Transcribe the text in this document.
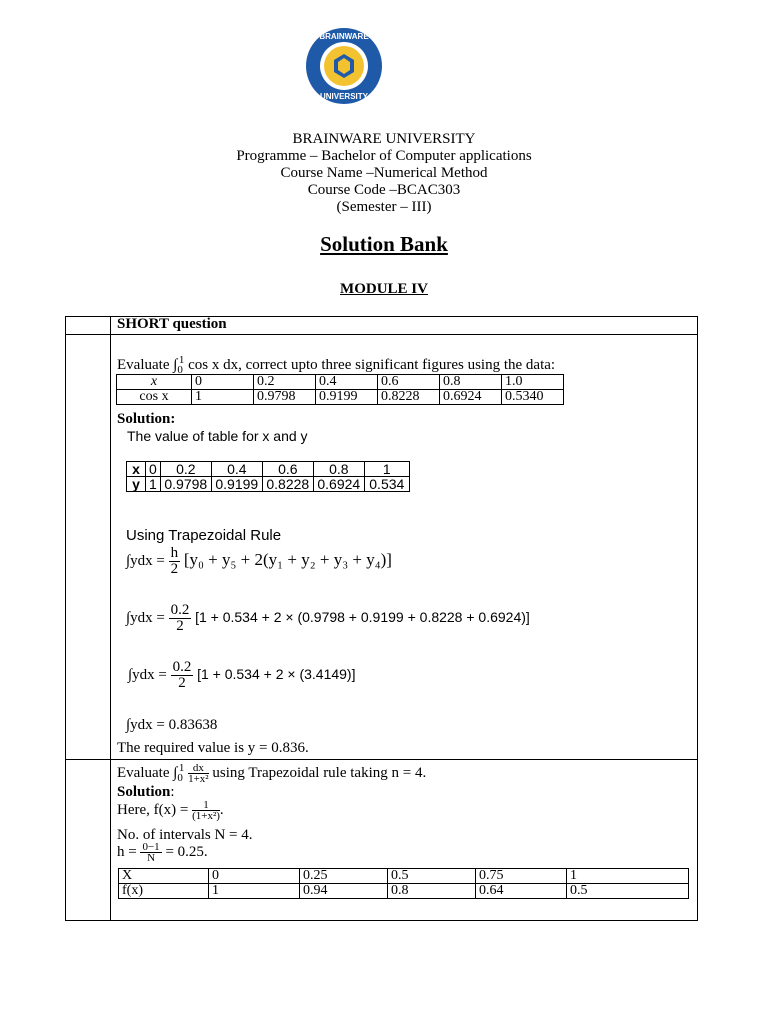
BRAINWARE
UNIVERSITY
BRAINWARE UNIVERSITY
Programme – Bachelor of Computer applications
Course Name –Numerical Method
Course Code –BCAC303
(Semester – III)
Solution Bank
MODULE IV
SHORT question
Evaluate $\int_0^1$ cos x dx, correct upto three significant figures using the data:
x	0	0.2	0.4	0.6	0.8	1.0
cos x	1	0.9798	0.9199	0.8228	0.6924	0.5340
Solution:
The value of table for x and y
x	0	0.2	0.4	0.6	0.8	1
y	1	0.9798	0.9199	0.8228	0.6924	0.534
Using Trapezoidal Rule
$\int ydx = \frac{h}{2} [y_0 + y_5 + 2(y_1 + y_2 + y_3 + y_4)]$
$\int ydx = \frac{0.2}{2} [1 + 0.534 + 2 \times (0.9798 + 0.9199 + 0.8228 + 0.6924)]$
$\int ydx = \frac{0.2}{2} [1 + 0.534 + 2 \times (3.4149)]$
∫ydx = 0.83638
The required value is y = 0.836.
Evaluate $\int_0^1 \frac{dx}{\text{1+x²}}$ using Trapezoidal rule taking n = 4.
Solution:
Here, $f(x) = \frac{1}{\text{(1+x²)}}$ .
No. of intervals N = 4.
$h = \frac{0-1}{N} = 0.25$.
X	0	0.25	0.5	0.75	1
f(x)	1	0.94	0.8	0.64	0.5
